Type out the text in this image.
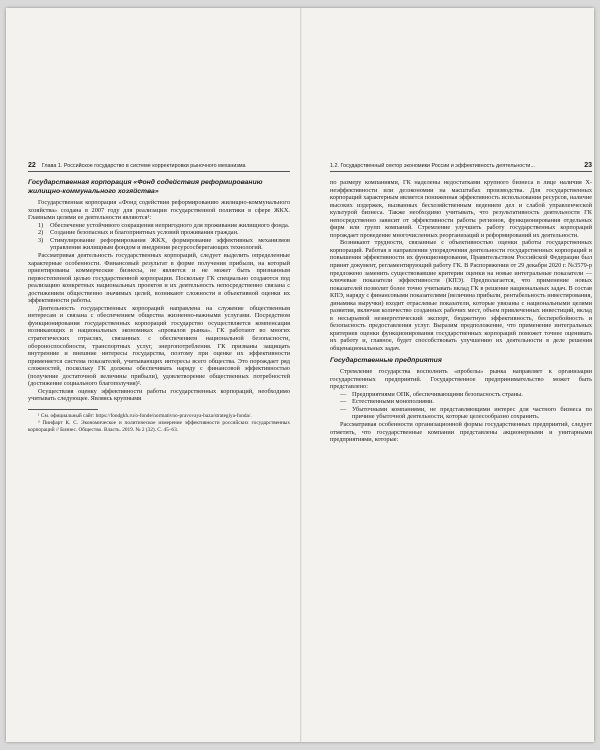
22 Глава 1. Российское государство в системе корректировки рыночного механизма
Государственная корпорация «Фонд содействия реформированию жилищно-коммунального хозяйства»

Государственная корпорация «Фонд содействия реформированию жилищно-коммунального хозяйства» создана в 2007 году для реализации государственной политики в сфере ЖКХ. Главными целями ее деятельности являются¹:

1) Обеспечение устойчивого сокращения непригодного для проживания жилищного фонда.
2) Создание безопасных и благоприятных условий проживания граждан.
3) Стимулирование реформирования ЖКХ, формирование эффективных механизмов управления жилищным фондом и внедрения ресурсосберегающих технологий.

Рассматривая деятельность государственных корпораций, следует выделить определенные характерные особенности. Финансовый результат в форме получения прибыли, на который ориентированы коммерческие бизнесы, не является и не может быть признанным первостепенной целью государственной корпорации. Поскольку ГК специально создаются под реализацию конкретных национальных проектов и их деятельность непосредственно связана с достижением общественно значимых целей, возникают сложности в объективной оценки их эффективности работы.

Деятельность государственных корпораций направлена на служение общественным интересам и связана с обеспечением общества жизненно-важными услугами. Посредством функционирования государственных корпораций государство осуществляется компенсация возникающих в национальных экономиках «провалов рынка». ГК работают во многих стратегических отраслях, связанных с обеспечением национальной безопасности, обороноспособности, транспортных услуг, энергопотребления. ГК призваны защищать внутренние и внешние интересы государства, поэтому при оценке их эффективности применяется система показателей, учитывающих интересы всего общества. Это порождает ряд сложностей, поскольку ГК должны обеспечивать наряду с финансовой эффективностью (получение достаточной величины прибыли), удовлетворение общественных потребностей (достижение социального благополучия)².

Осуществляя оценку эффективности работы государственных корпораций, необходимо учитывать следующее. Являясь крупными

¹ См. официальный сайт: https://fondgkh.ru/o-fonde/normativno-pravovaya-baza/strategiya-fonda/.

² Пинфарт К. С. Экономическое и политическое измерение эффективности российских государственных корпораций // Бизнес. Общество. Власть. 2019. № 2 (32). С. 45–63.

1.2. Государственный сектор экономики России и эффективность деятельности...	23

по размеру компаниями, ГК наделены недостатками крупного бизнеса в лице наличия Х-неэффективности или дезэкономии на масштабах производства. Для государственных корпораций характерным является пониженная эффективность использования ресурсов, наличие высоких издержек, вызванных бесхозяйственным ведением дел и слабой управленческой культурой бизнеса. Также необходимо учитывать, что результативность деятельности ГК непосредственно зависит от эффективности работы регионов, функционирования отдельных фирм или групп компаний. Стремление улучшить работу государственных корпораций порождает проведение многочисленных реорганизаций и реформирований их деятельности.

Возникают трудности, связанные с объективностью оценки работы государственных корпораций. Работая в направлении упорядочения деятельности государственных корпораций и повышения эффективности их функционирования, Правительством Российской Федерации был принят документ, регламентирующий работу ГК. В Распоряжении от 29 декабря 2020 г. №3579-р предложено заменить существовавшие критерии оценки на новые интегральные показатели — ключевые показатели эффективности (КПЭ). Предполагается, что применение новых показателей позволит более точно учитывать вклад ГК в решение национальных задач. В состав КПЭ, наряду с финансовыми показателями (величина прибыли, рентабельность инвестирования, динамика выручки) входит отраслевые показатели, которые увязаны с национальными целями развития, включая количество созданных рабочих мест, объем привлеченных инвестиций, вклад в несырьевой неэнергетический экспорт, бюджетную эффективность, бесперебойность и безопасность предоставления услуг. Выразим предположение, что применение интегральных критериев оценки функционирования государственных корпораций поможет точнее оценивать их работу и, главное, будет способствовать улучшению их деятельности в деле решения общенациональных задач.

Государственные предприятия

Стремление государства восполнить «пробелы» рынка направляет к организации государственных предприятий. Государственное предпринимательство может быть представлено:

— Предприятиями ОПК, обеспечивающими безопасность страны.
— Естественными монополиями.
— Убыточными компаниями, не представляющими интерес для частного бизнеса по причине убыточной деятельности, которые целесообразно сохранить.

Рассматривая особенности организационной формы государственных предприятий, следует отметить, что государственные компании представлены акционерными и унитарными предприятиями, которые:
